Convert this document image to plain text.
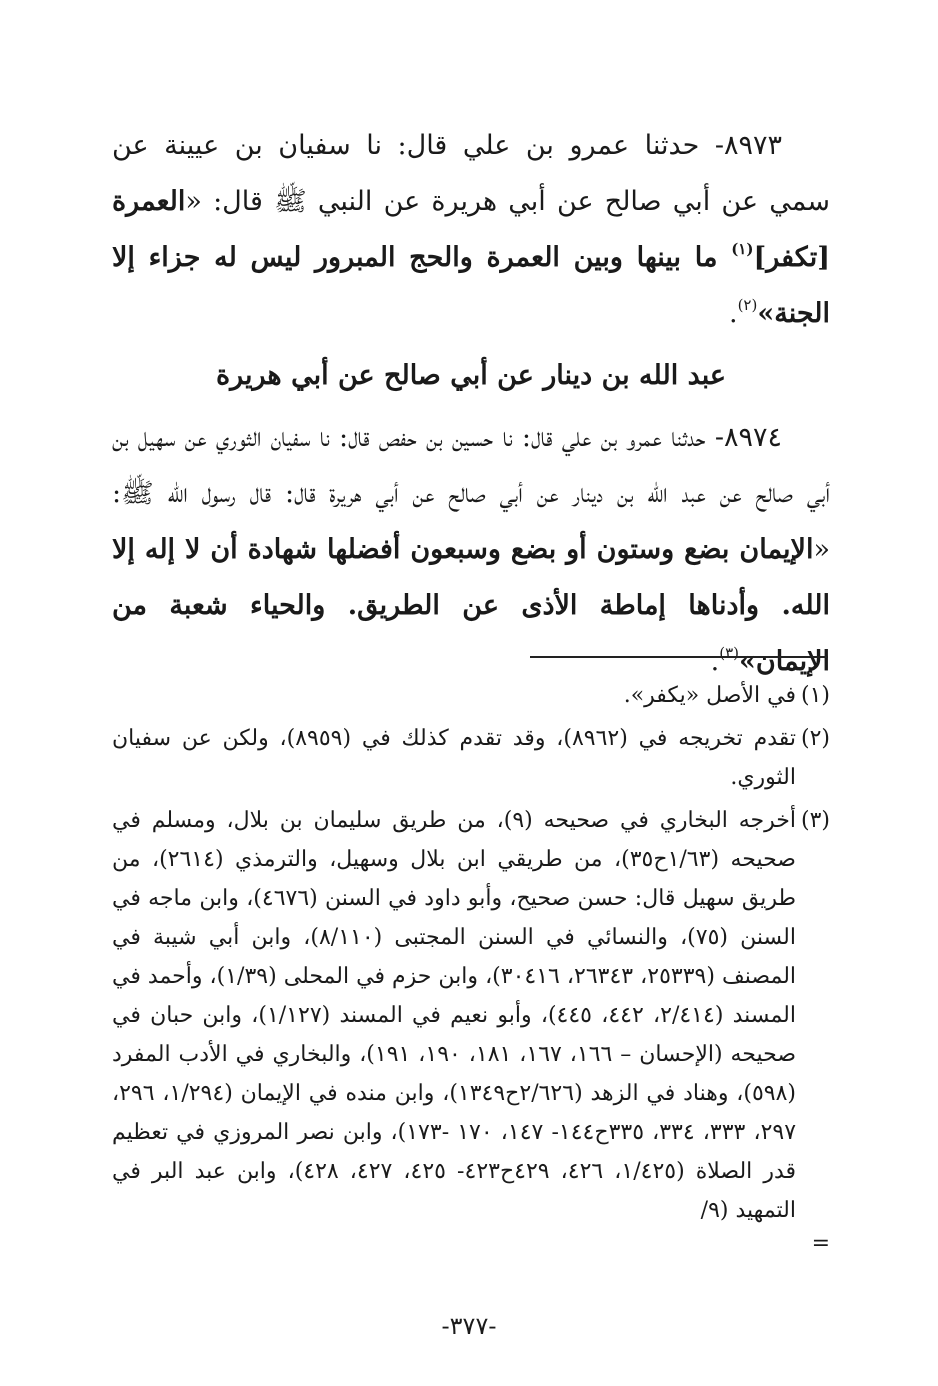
٨٩٧٣- حدثنا عمرو بن علي قال: نا سفيان بن عيينة عن سمي عن أبي صالح عن أبي هريرة عن النبي ﷺ قال: «العمرة [تكفر]$^{(١)}$ ما بينها وبين العمرة والحج المبرور ليس له جزاء إلا الجنة»$^{(٢)}$.

عبد الله بن دينار عن أبي صالح عن أبي هريرة

٨٩٧٤- حدثنا عمرو بن علي قال: نا حسين بن حفص قال: نا سفيان الثوري عن سهيل بن أبي صالح عن عبد الله بن دينار عن أبي صالح عن أبي هريرة قال: قال رسول الله ﷺ: «الإيمان بضع وستون أو بضع وسبعون أفضلها شهادة أن لا إله إلا الله. وأدناها إماطة الأذى عن الطريق. والحياء شعبة من الإيمان»$^{(٣)}$.

(١)
في الأصل «يكفر».
(٢)
تقدم تخريجه في (٨٩٦٢)، وقد تقدم كذلك في (٨٩٥٩)، ولكن عن سفيان الثوري.
(٣)
أخرجه البخاري في صحيحه (٩)، من طريق سليمان بن بلال، ومسلم في صحيحه (١/٦٣ح٣٥)، من طريقي ابن بلال وسهيل، والترمذي (٢٦١٤)، من طريق سهيل قال: حسن صحيح، وأبو داود في السنن (٤٦٧٦)، وابن ماجه في السنن (٧٥)، والنسائي في السنن المجتبى (٨/١١٠)، وابن أبي شيبة في المصنف (٢٥٣٣٩، ٢٦٣٤٣، ٣٠٤١٦)، وابن حزم في المحلى (١/٣٩)، وأحمد في المسند (٢/٤١٤، ٤٤٢، ٤٤٥)، وأبو نعيم في المسند (١/١٢٧)، وابن حبان في صحيحه (الإحسان – ١٦٦، ١٦٧، ١٨١، ١٩٠، ١٩١)، والبخاري في الأدب المفرد (٥٩٨)، وهناد في الزهد (٢/٦٢٦ح١٣٤٩)، وابن منده في الإيمان (١/٢٩٤، ٢٩٦، ٢٩٧، ٣٣٣، ٣٣٤، ٣٣٥ح١٤٤- ١٤٧، ١٧٠ -١٧٣)، وابن نصر المروزي في تعظيم قدر الصلاة (١/٤٢٥، ٤٢٦، ٤٢٩ح٤٢٣- ٤٢٥، ٤٢٧، ٤٢٨)، وابن عبد البر في التمهيد (٩/
=
-٣٧٧-
